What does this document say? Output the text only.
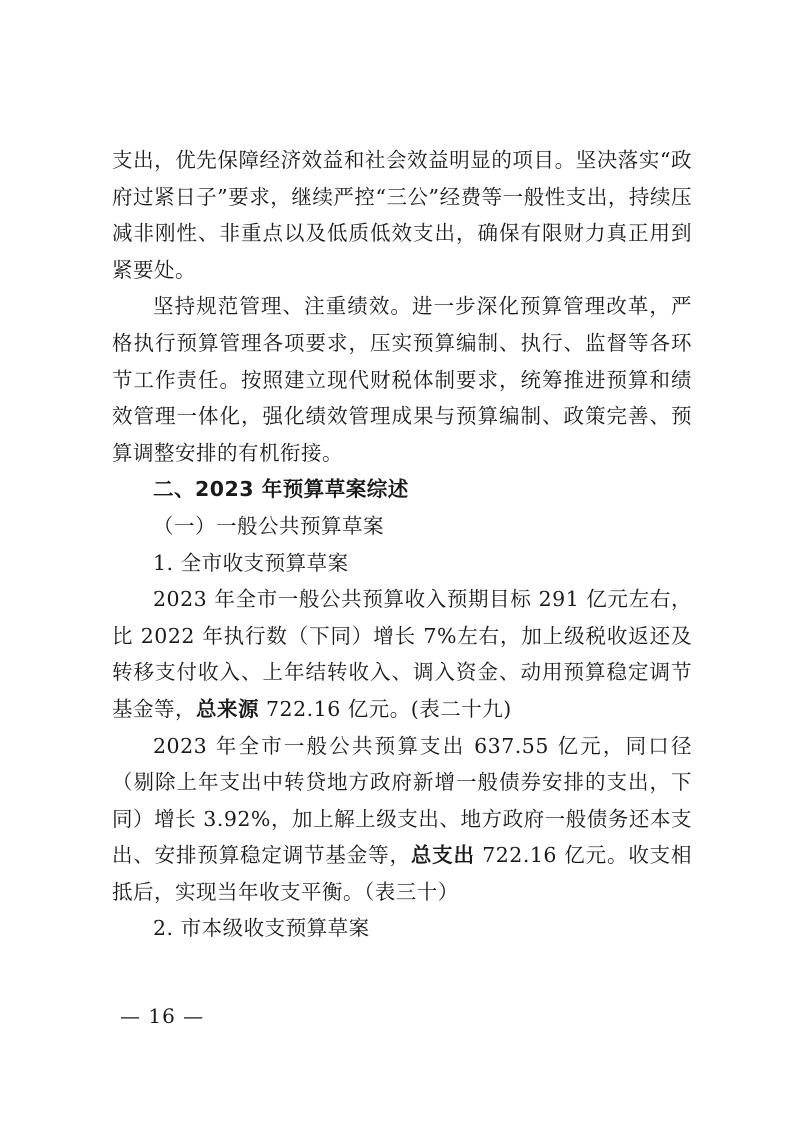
支出，优先保障经济效益和社会效益明显的项目。坚决落实“政府过紧日子”要求，继续严控“三公”经费等一般性支出，持续压减非刚性、非重点以及低质低效支出，确保有限财力真正用到紧要处。

坚持规范管理、注重绩效。进一步深化预算管理改革，严格执行预算管理各项要求，压实预算编制、执行、监督等各环节工作责任。按照建立现代财税体制要求，统筹推进预算和绩效管理一体化，强化绩效管理成果与预算编制、政策完善、预算调整安排的有机衔接。

二、2023 年预算草案综述

（一）一般公共预算草案

1. 全市收支预算草案

2023 年全市一般公共预算收入预期目标 291 亿元左右，比 2022 年执行数（下同）增长 7%左右，加上级税收返还及转移支付收入、上年结转收入、调入资金、动用预算稳定调节基金等，总来源 722.16 亿元。(表二十九)

2023 年全市一般公共预算支出 637.55 亿元，同口径（剔除上年支出中转贷地方政府新增一般债券安排的支出，下同）增长 3.92%，加上解上级支出、地方政府一般债务还本支出、安排预算稳定调节基金等，总支出 722.16 亿元。收支相抵后，实现当年收支平衡。（表三十）

2. 市本级收支预算草案

— 16 —
